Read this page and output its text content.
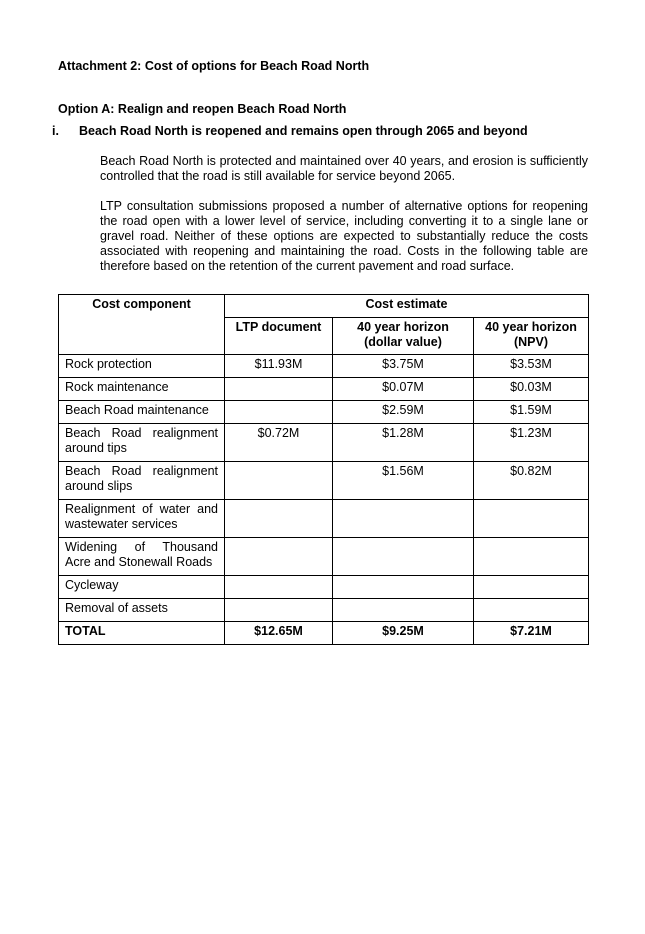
Attachment 2: Cost of options for Beach Road North
Option A: Realign and reopen Beach Road North
i. Beach Road North is reopened and remains open through 2065 and beyond
Beach Road North is protected and maintained over 40 years, and erosion is sufficiently controlled that the road is still available for service beyond 2065.
LTP consultation submissions proposed a number of alternative options for reopening the road open with a lower level of service, including converting it to a single lane or gravel road. Neither of these options are expected to substantially reduce the costs associated with reopening and maintaining the road. Costs in the following table are therefore based on the retention of the current pavement and road surface.
Cost component	Cost estimate		
	LTP document	40 year horizon (dollar value)	40 year horizon (NPV)
Rock protection	$11.93M	$3.75M	$3.53M
Rock maintenance		$0.07M	$0.03M
Beach Road maintenance		$2.59M	$1.59M
Beach Road realignment around tips	$0.72M	$1.28M	$1.23M
Beach Road realignment around slips		$1.56M	$0.82M
Realignment of water and wastewater services			
Widening of Thousand Acre and Stonewall Roads			
Cycleway			
Removal of assets			
TOTAL	$12.65M	$9.25M	$7.21M
